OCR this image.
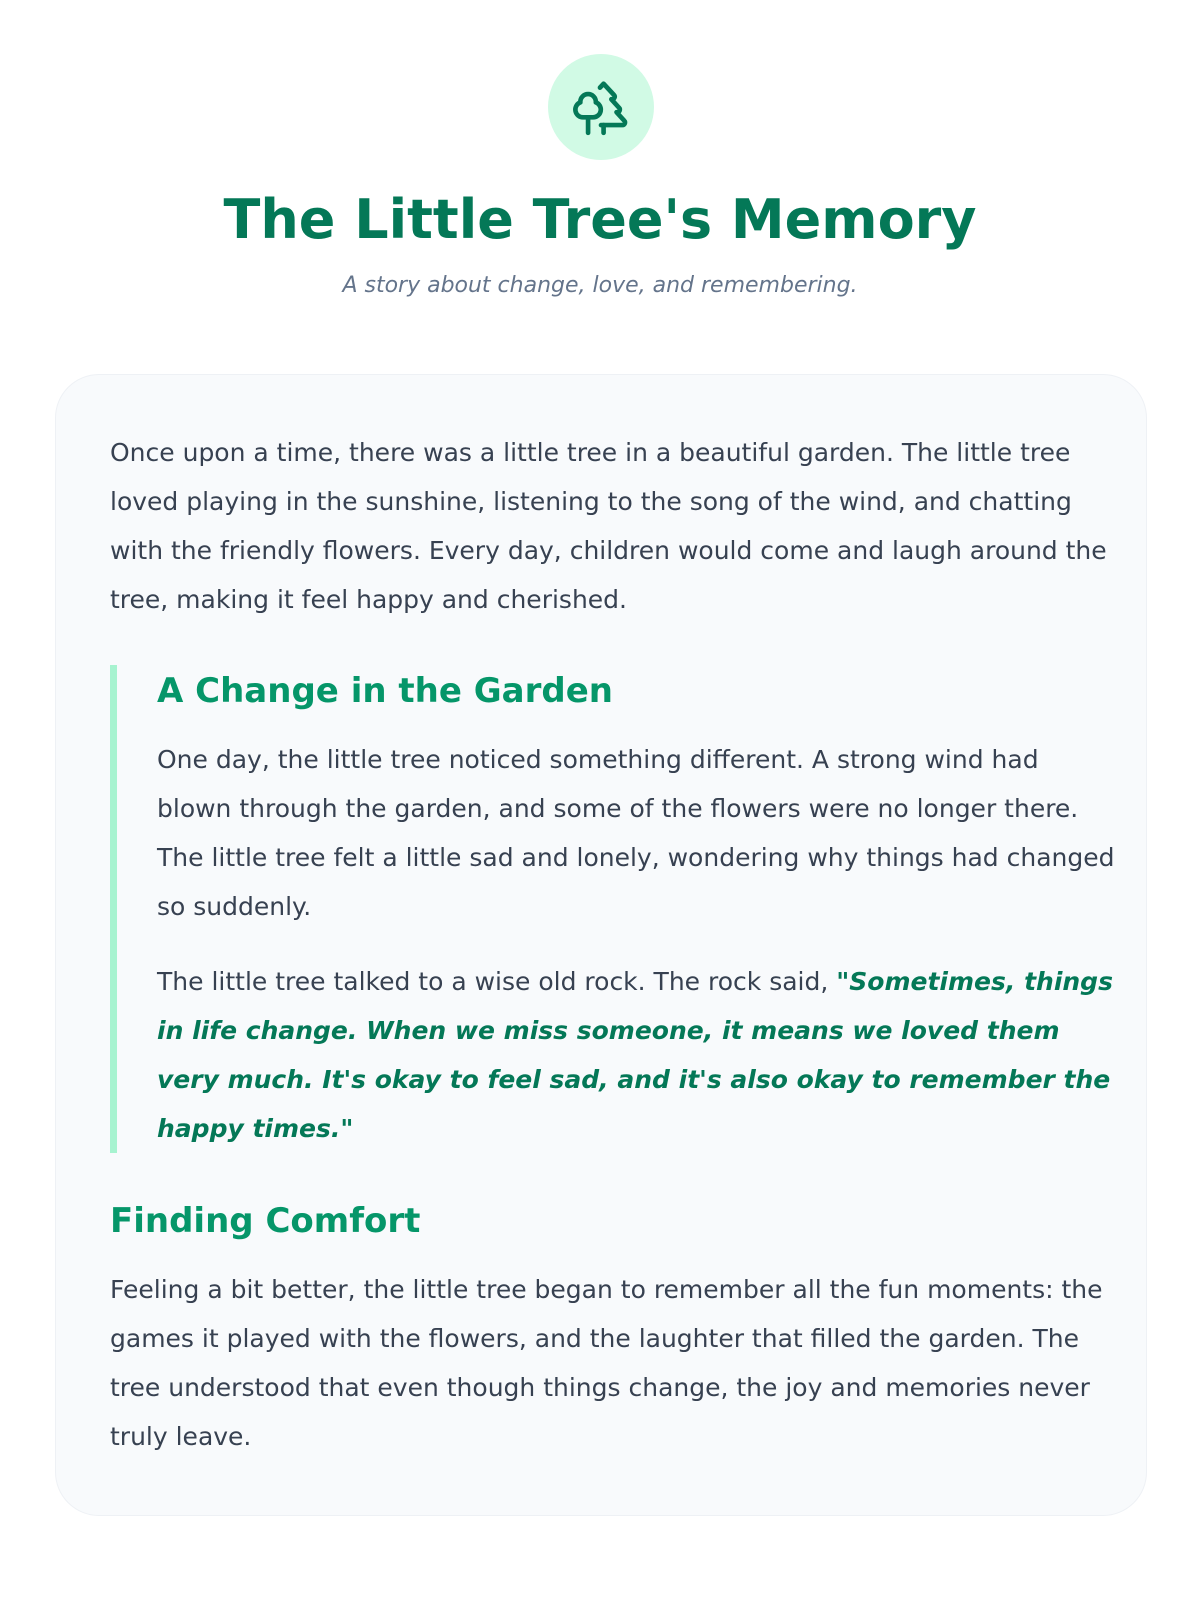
The Little Tree's Memory

A story about change, love, and remembering.

Once upon a time, there was a little tree in a beautiful garden. The little tree loved playing in the sunshine, listening to the song of the wind, and chatting with the friendly flowers. Every day, children would come and laugh around the tree, making it feel happy and cherished.

A Change in the Garden

One day, the little tree noticed something different. A strong wind had blown through the garden, and some of the flowers were no longer there. The little tree felt a little sad and lonely, wondering why things had changed so suddenly.

The little tree talked to a wise old rock. The rock said, "Sometimes, things in life change. When we miss someone, it means we loved them very much. It's okay to feel sad, and it's also okay to remember the happy times."

Finding Comfort

Feeling a bit better, the little tree began to remember all the fun moments: the games it played with the flowers, and the laughter that filled the garden. The tree understood that even though things change, the joy and memories never truly leave.
